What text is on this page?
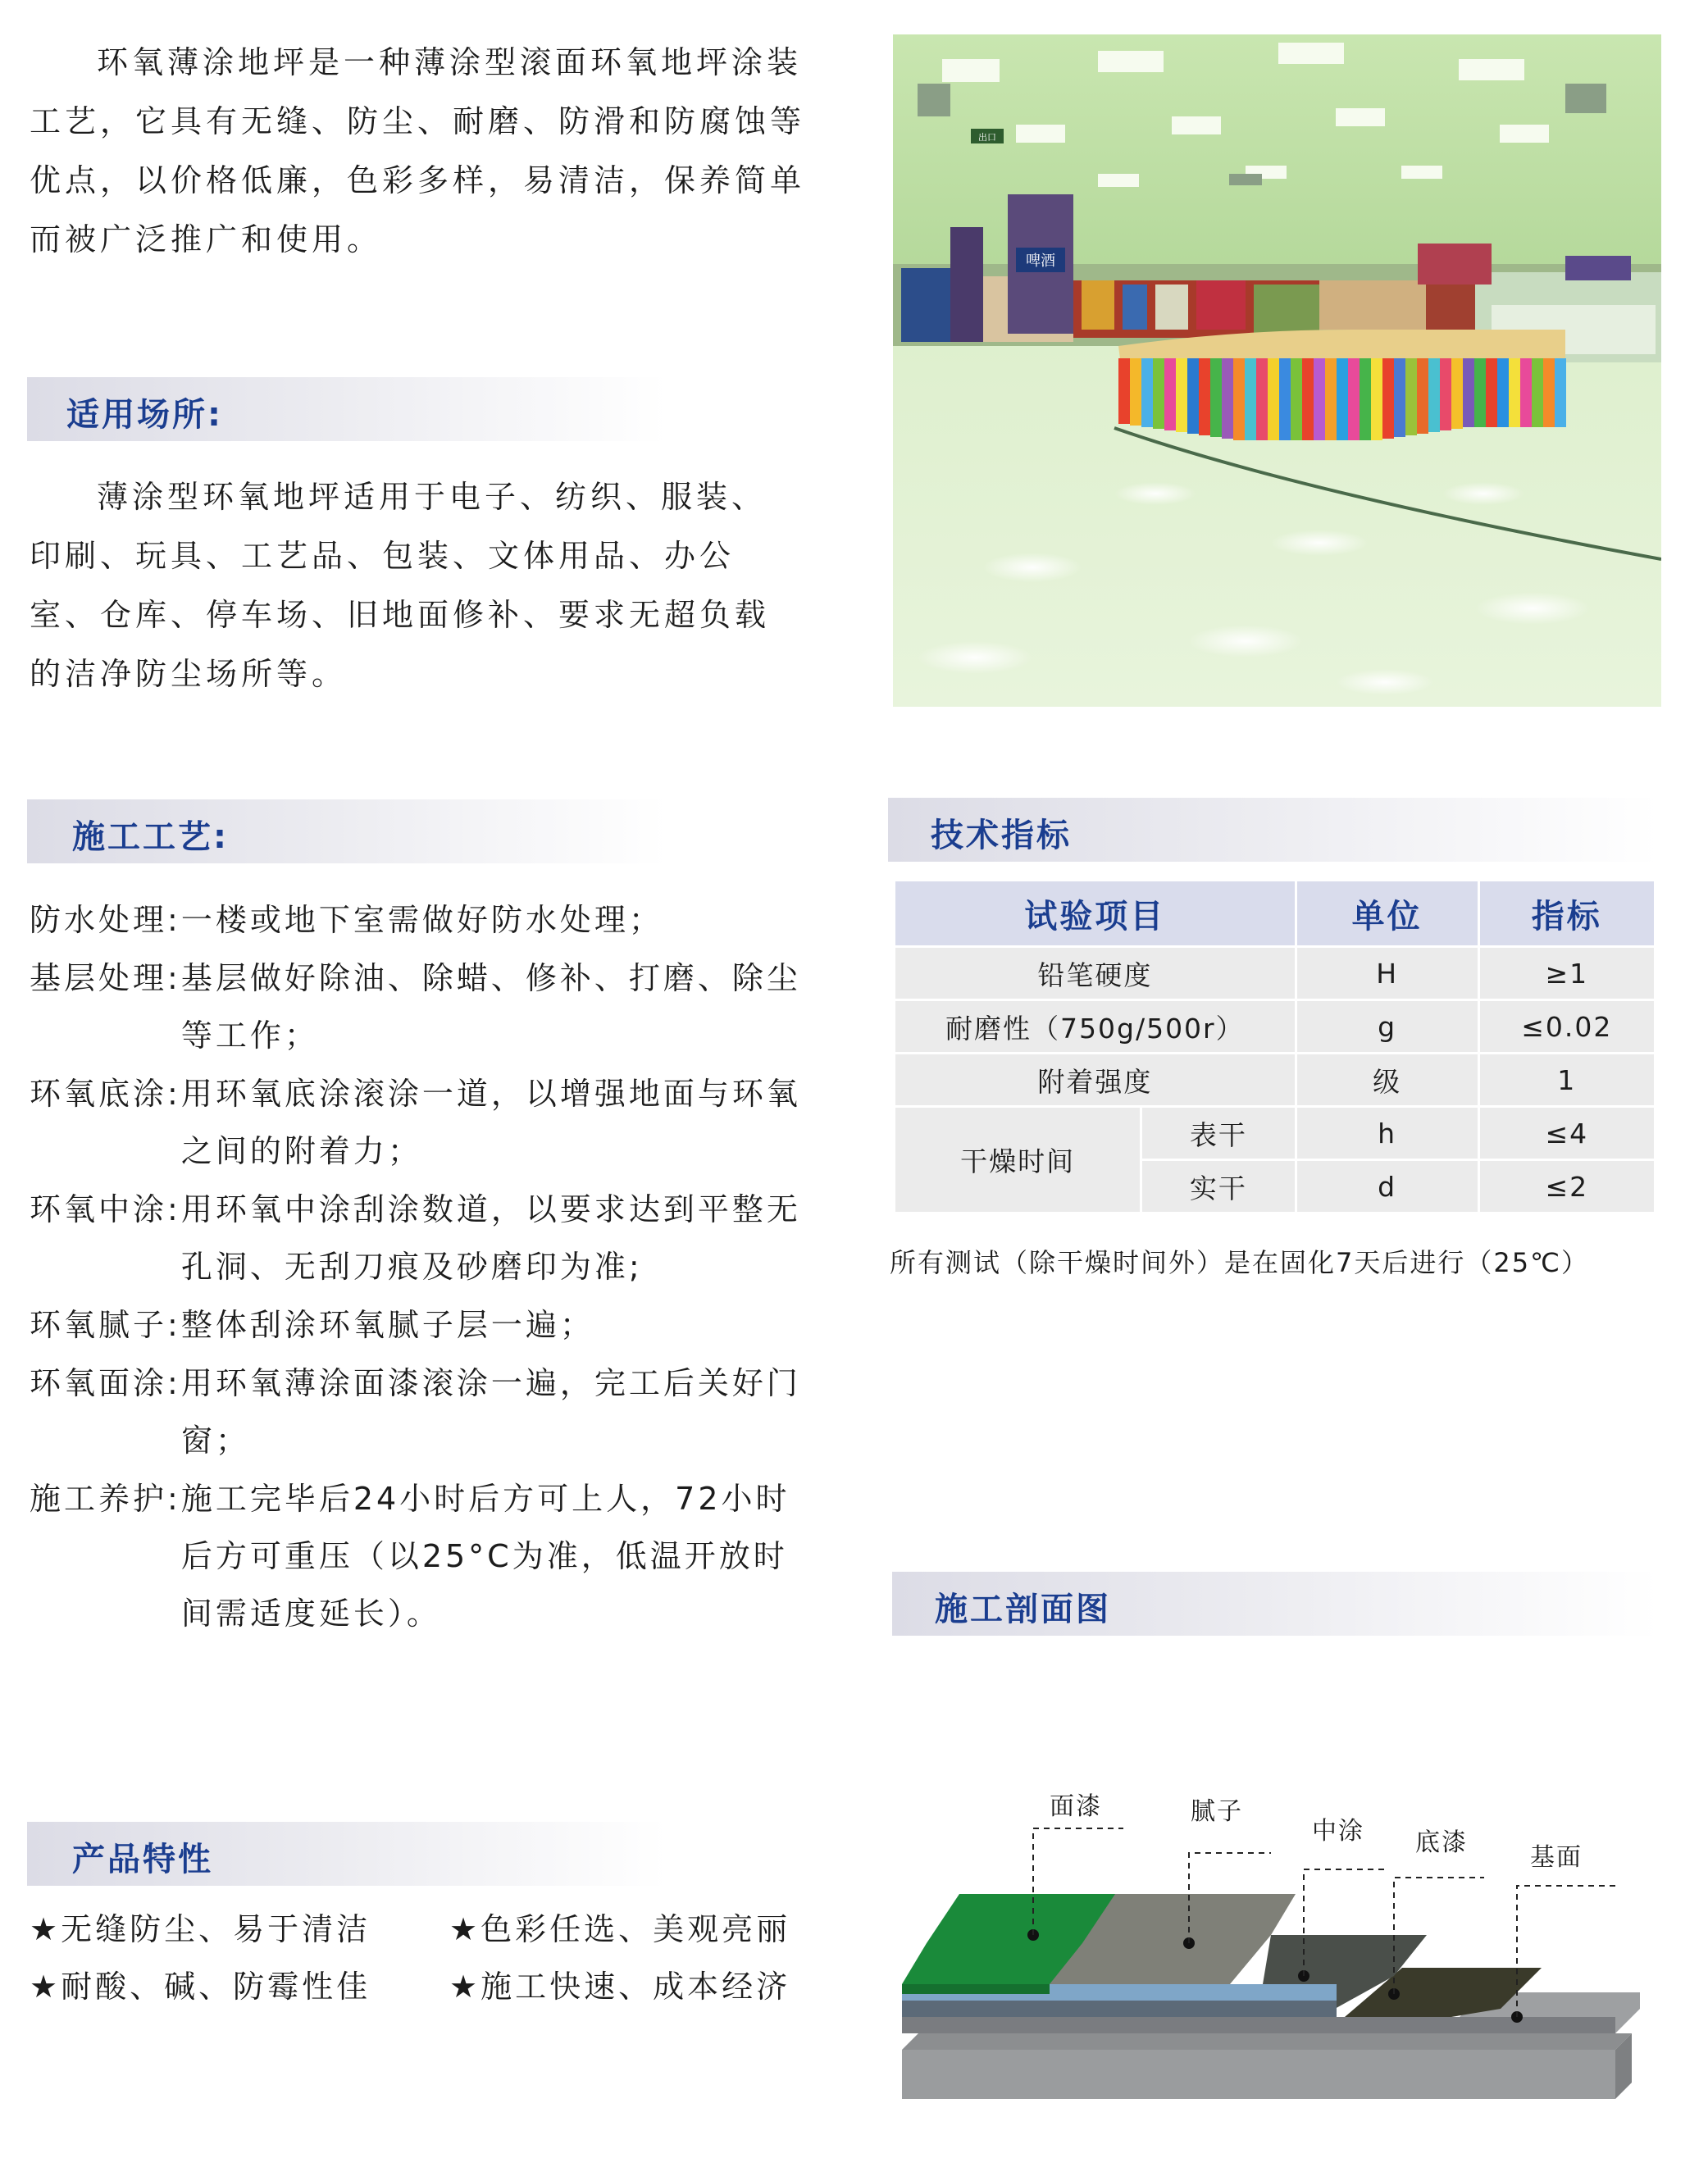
环氧薄涂地坪是一种薄涂型滚面环氧地坪涂装工艺，它具有无缝、防尘、耐磨、防滑和防腐蚀等优点，以价格低廉，色彩多样，易清洁，保养简单而被广泛推广和使用。
适用场所:
薄涂型环氧地坪适用于电子、纺织、服装、印刷、玩具、工艺品、包装、文体用品、办公室、仓库、停车场、旧地面修补、要求无超负载的洁净防尘场所等。
施工工艺:
防水处理: 一楼或地下室需做好防水处理；
基层处理: 基层做好除油、除蜡、修补、打磨、除尘等工作；
环氧底涂: 用环氧底涂滚涂一道，以增强地面与环氧之间的附着力；
环氧中涂: 用环氧中涂刮涂数道，以要求达到平整无孔洞、无刮刀痕及砂磨印为准;
环氧腻子: 整体刮涂环氧腻子层一遍；
环氧面涂: 用环氧薄涂面漆滚涂一遍，完工后关好门窗；
施工养护: 施工完毕后24小时后方可上人，72小时后方可重压（以25°C为准，低温开放时间需适度延长）。
产品特性
★无缝防尘、易于清洁	★色彩任选、美观亮丽
★耐酸、碱、防霉性佳	★施工快速、成本经济
出口
啤酒
技术指标
试验项目		单位	指标
铅笔硬度		H	≥1
耐磨性（750g/500r）		g	≤0.02
附着强度		级	1
干燥时间	表干	h	≤4
	实干	d	≤2
所有测试（除干燥时间外）是在固化7天后进行（25℃）
施工剖面图
面漆	腻子
中涂 底漆
基面
